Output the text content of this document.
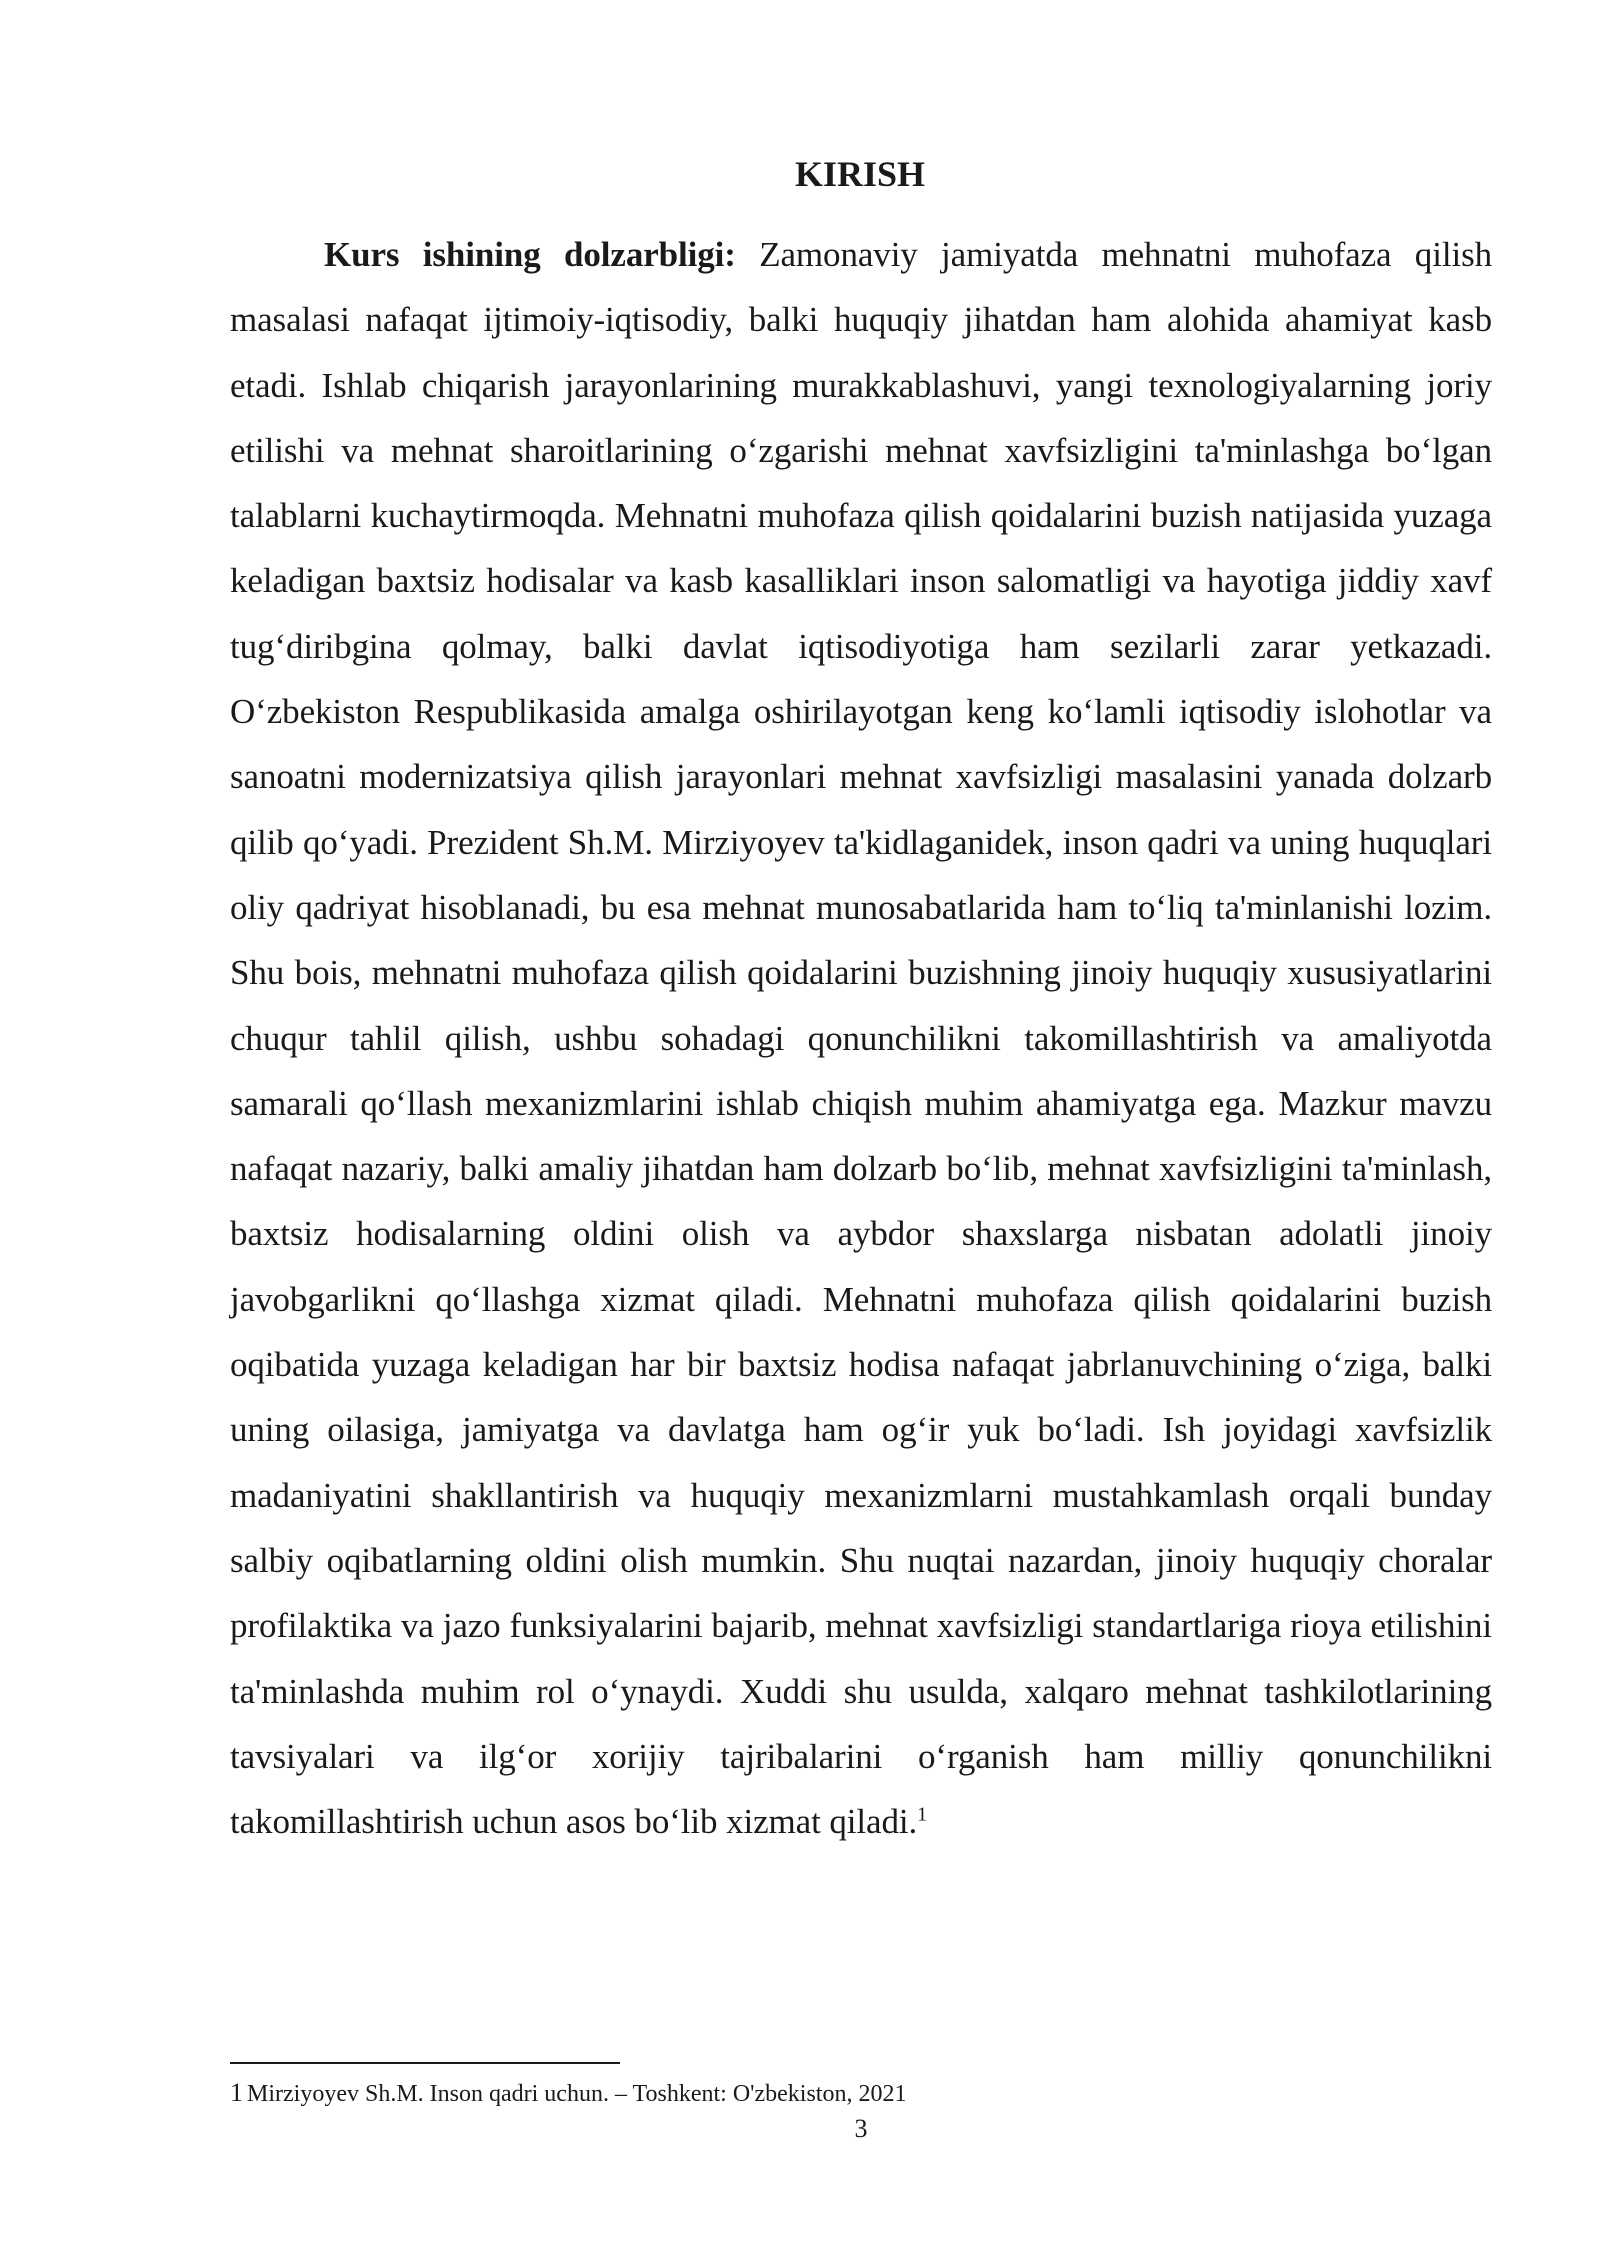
KIRISH

Kurs ishining dolzarbligi: Zamonaviy jamiyatda mehnatni muhofaza qilish masalasi nafaqat ijtimoiy-iqtisodiy, balki huquqiy jihatdan ham alohida ahamiyat kasb etadi. Ishlab chiqarish jarayonlarining murakkablashuvi, yangi texnologiyalarning joriy etilishi va mehnat sharoitlarining o‘zgarishi mehnat xavfsizligini ta'minlashga bo‘lgan talablarni kuchaytirmoqda. Mehnatni muhofaza qilish qoidalarini buzish natijasida yuzaga keladigan baxtsiz hodisalar va kasb kasalliklari inson salomatligi va hayotiga jiddiy xavf tug‘diribgina qolmay, balki davlat iqtisodiyotiga ham sezilarli zarar yetkazadi. O‘zbekiston Respublikasida amalga oshirilayotgan keng ko‘lamli iqtisodiy islohotlar va sanoatni modernizatsiya qilish jarayonlari mehnat xavfsizligi masalasini yanada dolzarb qilib qo‘yadi. Prezident Sh.M. Mirziyoyev ta'kidlaganidek, inson qadri va uning huquqlari oliy qadriyat hisoblanadi, bu esa mehnat munosabatlarida ham to‘liq ta'minlanishi lozim. Shu bois, mehnatni muhofaza qilish qoidalarini buzishning jinoiy huquqiy xususiyatlarini chuqur tahlil qilish, ushbu sohadagi qonunchilikni takomillashtirish va amaliyotda samarali qo‘llash mexanizmlarini ishlab chiqish muhim ahamiyatga ega. Mazkur mavzu nafaqat nazariy, balki amaliy jihatdan ham dolzarb bo‘lib, mehnat xavfsizligini ta'minlash, baxtsiz hodisalarning oldini olish va aybdor shaxslarga nisbatan adolatli jinoiy javobgarlikni qo‘llashga xizmat qiladi. Mehnatni muhofaza qilish qoidalarini buzish oqibatida yuzaga keladigan har bir baxtsiz hodisa nafaqat jabrlanuvchining o‘ziga, balki uning oilasiga, jamiyatga va davlatga ham og‘ir yuk bo‘ladi. Ish joyidagi xavfsizlik madaniyatini shakllantirish va huquqiy mexanizmlarni mustahkamlash orqali bunday salbiy oqibatlarning oldini olish mumkin. Shu nuqtai nazardan, jinoiy huquqiy choralar profilaktika va jazo funksiyalarini bajarib, mehnat xavfsizligi standartlariga rioya etilishini ta'minlashda muhim rol o‘ynaydi. Xuddi shu usulda, xalqaro mehnat tashkilotlarining tavsiyalari va ilg‘or xorijiy tajribalarini o‘rganish ham milliy qonunchilikni takomillashtirish uchun asos bo‘lib xizmat qiladi.$^1$

1 Mirziyoyev Sh.M. Inson qadri uchun. – Toshkent: O'zbekiston, 2021

3
